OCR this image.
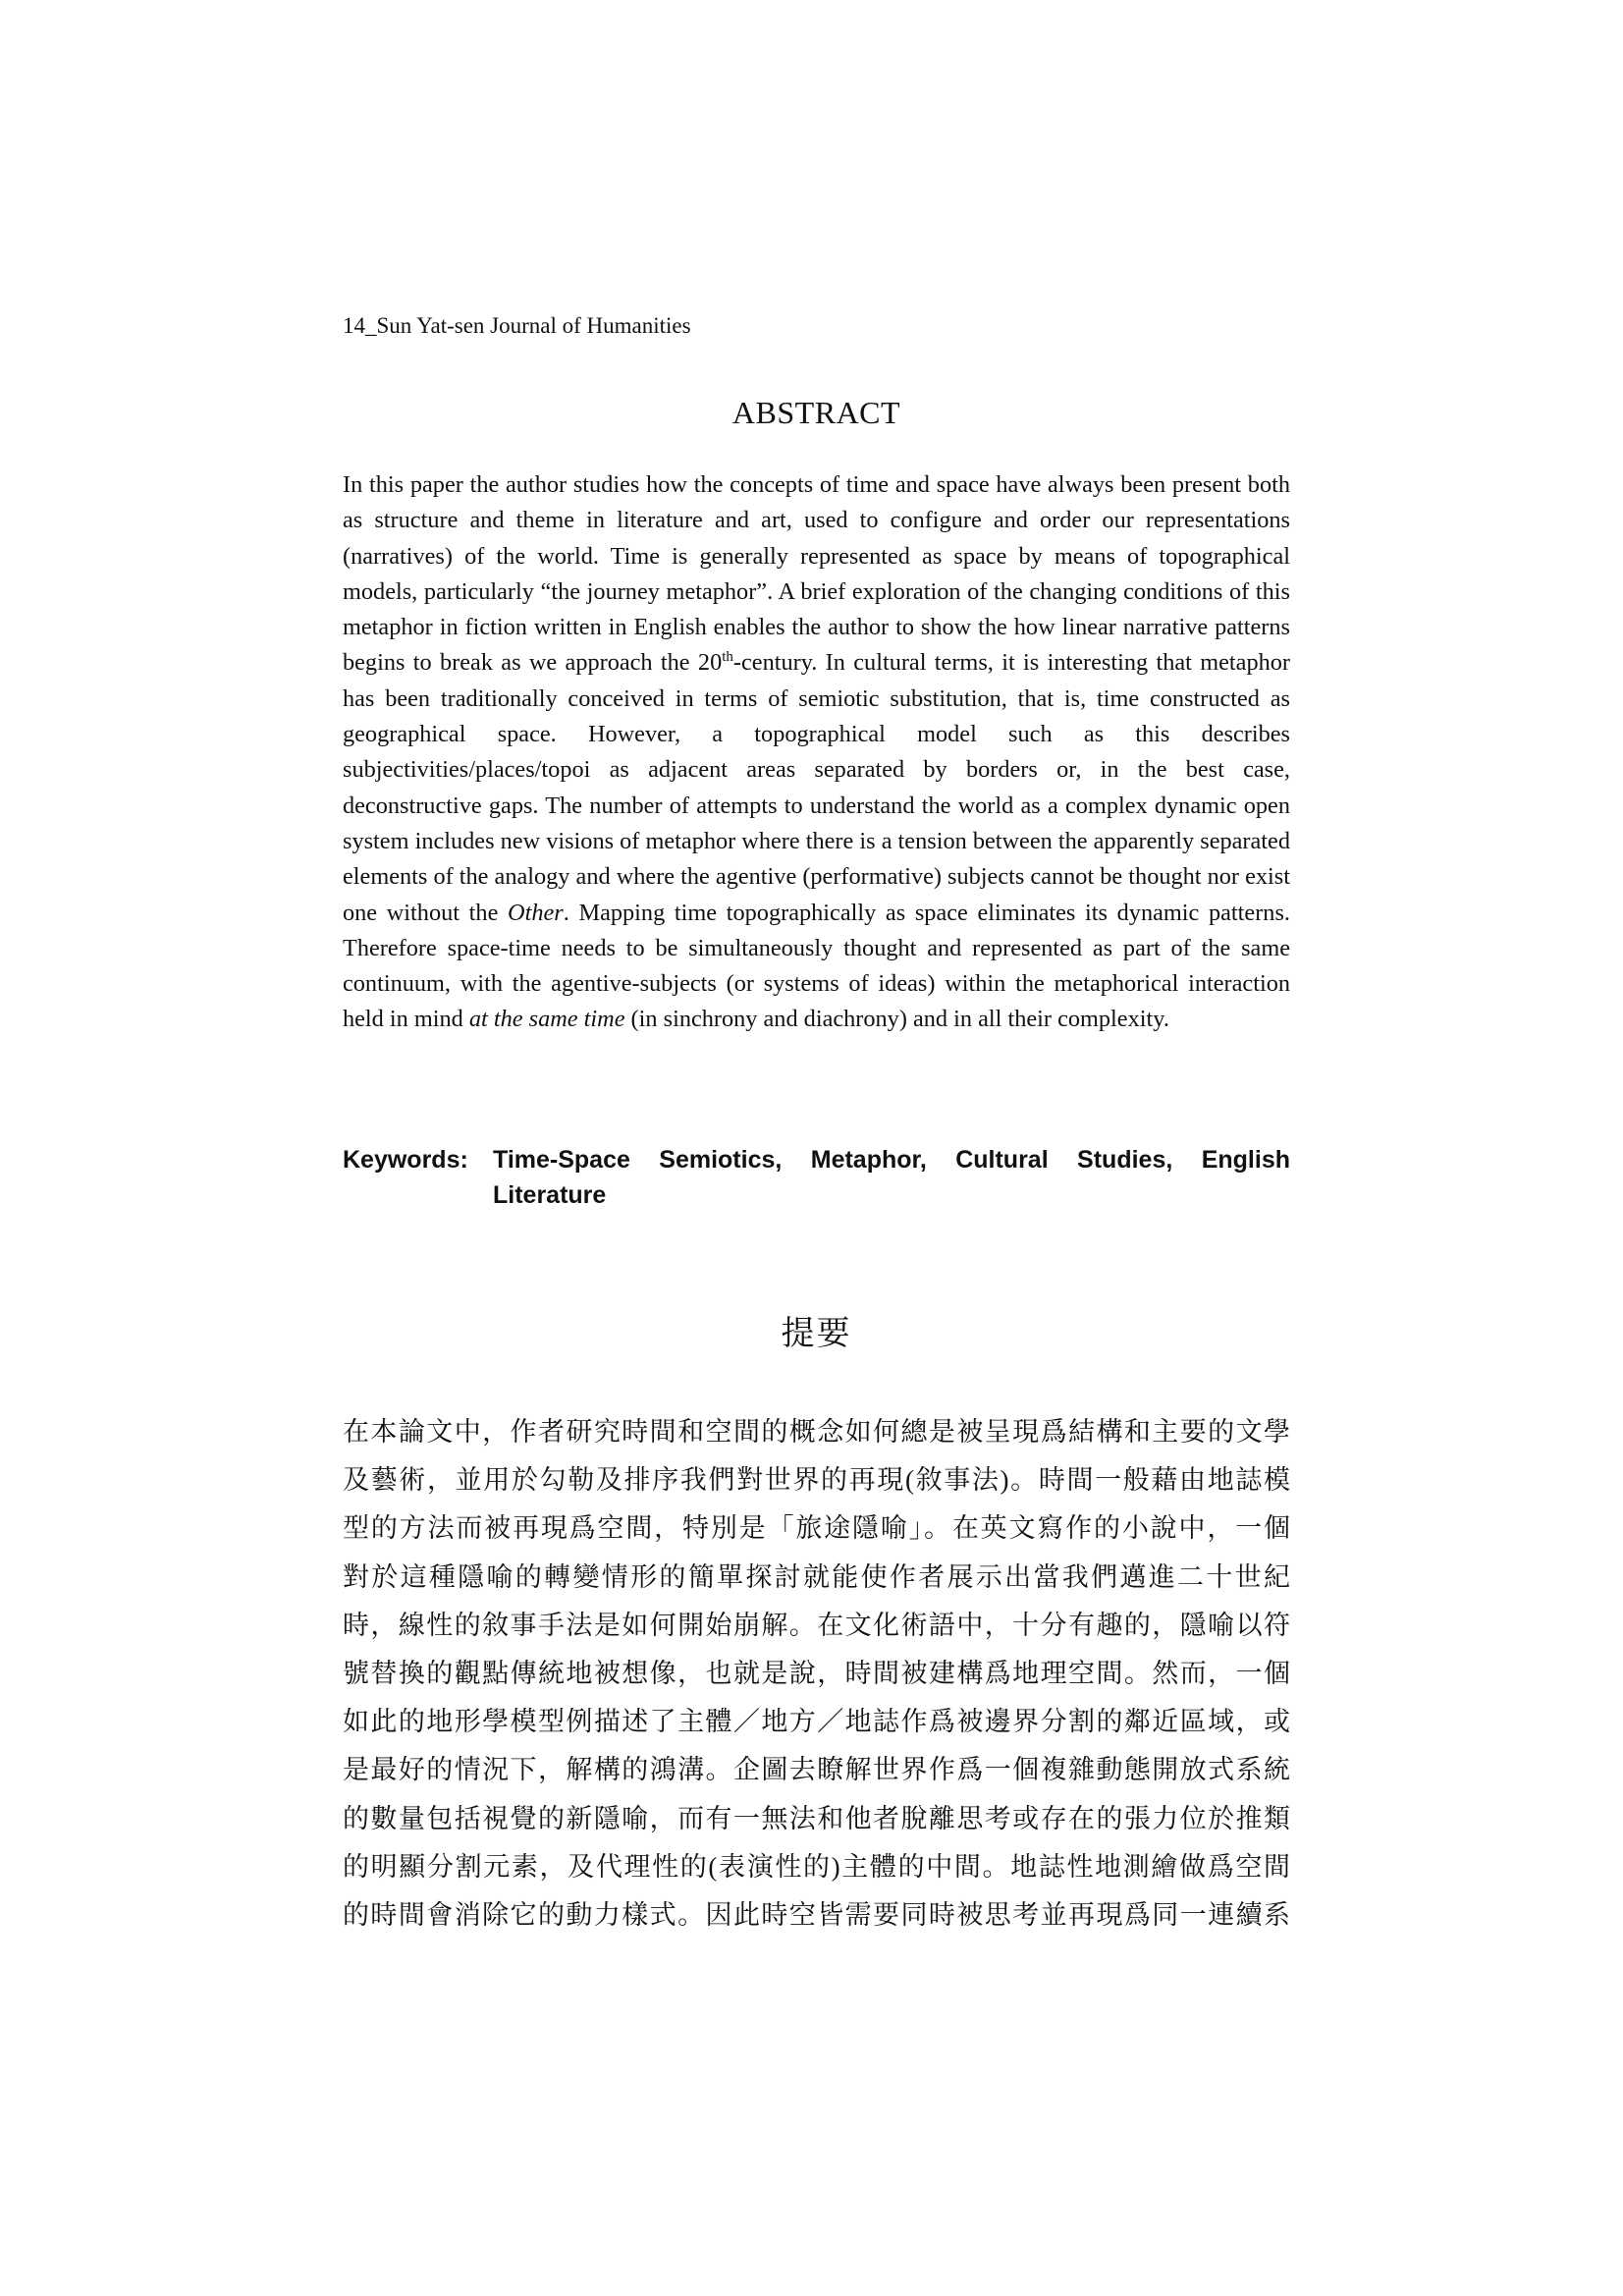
14_Sun Yat-sen Journal of Humanities
ABSTRACT

In this paper the author studies how the concepts of time and space have always been present both as structure and theme in literature and art, used to configure and order our representations (narratives) of the world. Time is generally represented as space by means of topographical models, particularly “the journey metaphor”. A brief exploration of the changing conditions of this metaphor in fiction written in English enables the author to show the how linear narrative patterns begins to break as we approach the 20th-century. In cultural terms, it is interesting that metaphor has been traditionally conceived in terms of semiotic substitution, that is, time constructed as geographical space. However, a topographical model such as this describes subjectivities/places/topoi as adjacent areas separated by borders or, in the best case, deconstructive gaps. The number of attempts to understand the world as a complex dynamic open system includes new visions of metaphor where there is a tension between the apparently separated elements of the analogy and where the agentive (performative) subjects cannot be thought nor exist one without the Other. Mapping time topographically as space eliminates its dynamic patterns. Therefore space-time needs to be simultaneously thought and represented as part of the same continuum, with the agentive-subjects (or systems of ideas) within the metaphorical interaction held in mind at the same time (in sinchrony and diachrony) and in all their complexity.

Keywords:	Time-Space Semiotics, Metaphor, Cultural Studies, English Literature
提要
在本論文中，作者研究時間和空間的概念如何總是被呈現爲結構和主要的文學
及藝術，並用於勾勒及排序我們對世界的再現(敘事法)。時間一般藉由地誌模
型的方法而被再現爲空間，特別是「旅途隱喻」。在英文寫作的小說中，一個
對於這種隱喻的轉變情形的簡單探討就能使作者展示出當我們邁進二十世紀
時，線性的敘事手法是如何開始崩解。在文化術語中，十分有趣的，隱喻以符
號替換的觀點傳統地被想像，也就是說，時間被建構爲地理空間。然而，一個
如此的地形學模型例描述了主體／地方／地誌作爲被邊界分割的鄰近區域，或
是最好的情況下，解構的鴻溝。企圖去瞭解世界作爲一個複雜動態開放式系統
的數量包括視覺的新隱喻，而有一無法和他者脫離思考或存在的張力位於推類
的明顯分割元素，及代理性的(表演性的)主體的中間。地誌性地測繪做爲空間
的時間會消除它的動力樣式。因此時空皆需要同時被思考並再現爲同一連續系
